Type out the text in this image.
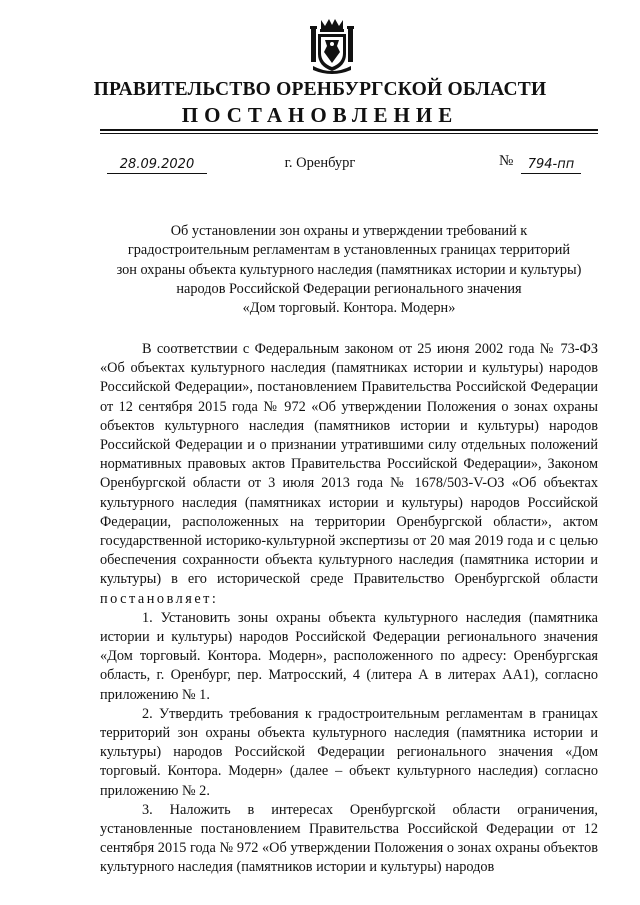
ПРАВИТЕЛЬСТВО ОРЕНБУРГСКОЙ ОБЛАСТИ
ПОСТАНОВЛЕНИЕ
28.09.2020	г. Оренбург	№	794-пп
Об установлении зон охраны и утверждении требований к
градостроительным регламентам в установленных границах территорий
зон охраны объекта культурного наследия (памятниках истории и культуры)
народов Российской Федерации регионального значения
«Дом торговый. Контора. Модерн»

В соответствии с Федеральным законом от 25 июня 2002 года № 73-ФЗ «Об объектах культурного наследия (памятниках истории и культуры) народов Российской Федерации», постановлением Правительства Российской Федерации от 12 сентября 2015 года № 972 «Об утверждении Положения о зонах охраны объектов культурного наследия (памятников истории и культуры) народов Российской Федерации и о признании утратившими силу отдельных положений нормативных правовых актов Правительства Российской Федерации», Законом Оренбургской области от 3 июля 2013 года № 1678/503-V-ОЗ «Об объектах культурного наследия (памятниках истории и культуры) народов Российской Федерации, расположенных на территории Оренбургской области», актом государственной историко-культурной экспертизы от 20 мая 2019 года и с целью обеспечения сохранности объекта культурного наследия (памятника истории и культуры) в его исторической среде Правительство Оренбургской области постановляет:

1. Установить зоны охраны объекта культурного наследия (памятника истории и культуры) народов Российской Федерации регионального значения «Дом торговый. Контора. Модерн», расположенного по адресу: Оренбургская область, г. Оренбург, пер. Матросский, 4 (литера А в литерах АА1), согласно приложению № 1.

2. Утвердить требования к градостроительным регламентам в границах территорий зон охраны объекта культурного наследия (памятника истории и культуры) народов Российской Федерации регионального значения «Дом торговый. Контора. Модерн» (далее – объект культурного наследия) согласно приложению № 2.

3. Наложить в интересах Оренбургской области ограничения, установленные постановлением Правительства Российской Федерации от 12 сентября 2015 года № 972 «Об утверждении Положения о зонах охраны объектов культурного наследия (памятников истории и культуры) народов
